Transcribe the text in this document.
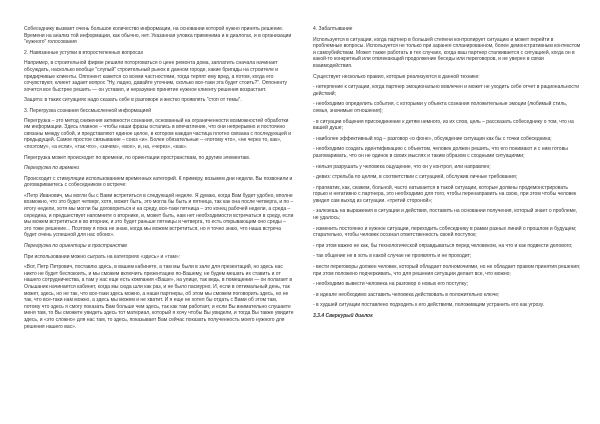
Собеседнику вызвает очень большое количество информации, на основании которой нужно принять решение. Времени на анализ той информации, как обычно, нет. Указанная уловка применима и в диалогах, и в организации "нужного" голосования

2. Навязанные уступки в второстепенных вопросах

Например, в строительной фирме решили поторговаться о цене ремонта дома, заплатить сначала начинает обсуждать, насколько вообще "слупый" строительный рынок в данном городе, какие бригады на строителе и придирчивые клиенты. Оппонент кажется со всеми частностями, тогда терпят ему вред, а потом, когда его сочувствуют, клиент задает вопрос "Ну, ладно, давайте уточним, сколько все-таки эта будет стоить?". Оппоненту хочется все быстрее решить — он уставил, и неразумно принятие нужное клиенту решения возрастает.

Защита: в таких ситуациях надо сказать себе в разговоре и жестко проявлять "стоп от темы".

3. Перегрузка сознания бессмысленной информацией

Перегрузка – это метод снижения активности сознания, основанный на ограниченности возможностей обработки им информации. Здесь главное – чтобы наши фразы остались в впечатление, что они непрерывно и постоянно связаны между собой, и представляют единое целое, в котором каждая частица плотно связана с последующей и предыдущей. Самое простое связывание – союз «и». Более обязательные – «потому что», «не через то, как», «поэтому», «а если», «так что», «зачем», «все», и, на, «через», «как».

Перегрузка может происходит по времени, по ориентации пространствам, по другим элементам.

Перегрузка по времени

Происходит с стимуляции использованием временных категорий. К примеру, возьмем дни недели. Вы позвонили и договариваетесь с собеседником о встрече:

«Петр Иванович, мы могли бы с Вами встретиться в следующей неделе. Я думаю, когда Вам будет удобно, вполне возможно, что это будет четверг, хотя, может быть, это могла бы быть и пятница, так как она после четверга, и по – итогу недели, хотя мы могли бы договориться и на среду, все-таки пятница – это конец рабочей недели, а среда – середина, и предшествует напомните о вторнике, и, может быть, нам нет необходимости встречаться в среду, если мы можем встретиться в во вторник, и это будет раньше пятницы и четверга, то есть открывающим оно среды – это тоже решение... Поэтому я пока не знаю, когда мы можем встретиться, но я точно знаю, что наша встреча будет очень успешной для нас обоих».

Перегрузка по ориентиры в пространстве

При использовании можно сыграть на категориях «здесь» и «там»:

«Вот, Петр Петрович, поставлю здесь, в вашем кабинете, а там мы были в зале для презентаций, но здесь нас никто не будет беспокоить, и мы сможем включить презентацию по-Вашему, не будем мешать их ставить и от нашего сотрудничества, а там у нас еще есть компания «Ваше», на улице, так ведь, в помещении — он полагает в Ольшаник начинается кабинет, когда мы сюда шли как раз, и не было пасмурно. И, если в оптимальный день, так может, здесь, но не так, что все-таки здесь можно, а наши партнеры, об этом мы сможем поговорить здесь, но не так, что все-таки нам можно, а здесь мы можем и не хватит. И я еще не хотел бы отдать с Вами об этом там, потому что здесь я смогу показать Вам больше чем здесь, так как там работает, и если Вы внимательно слушаете меня там, то Вы сможете увидеть здесь тот материал, который я хочу чтобы Вы увидели, и тогда Вы также увидите здесь, и «это сложно» для нас там, то здесь, показывает Вам сейчас показать полученность моего нужного для решения нашего вас».

4. Забалтывание

Используется в ситуации, когда партнер в большей степени контролирует ситуацию и может перейти в проблемные вопросы. Используется не только при заранее спланированном, более демонстративным контекстом и самоубийствам. Может также работать в тех случаях, когда ваш партнер сталкивается с ситуацией, когда он в какой-то конкретный или отвлекающий продолжение беседы или переговоров, и не уверен в связи взаимодействия.

Существует несколько правил, которые реализуются в данной технике:

- нетерпение к ситуации, когда партнер эмоционально вовлечен и может не уходить себе отчет в рациональности действий;

- необходимо определить события, с которыми у объекта сознания положительные эмоции (любимый стиль, семья, значимые отношения);

- в ситуации общения присоединение к детям немного, из их слов, цель – рассказать собеседнику о том, что на вашей душе;

- наиболее эффективный ход – разговор «о фоне», обсуждение ситуации как бы с точки собеседника;

- необходимо создать идентификацию с объектом, человек должен решить, что его понимают и с ним готовы разговаривать, что он не одинок в своих мыслях и таким образом с сходными ситуациями;

- нельзя разрушать у человека ощущение, что он у контрол, или направлен;

- девиз: стрельба по целям, в соответствии с ситуацией, обслужив личные требования;

- прагматик, как, скажем, больной, часто натыкается в такой ситуации, которые должны продемонстрировать горько и негативно с партнера, это необходимо для того, чтобы перенаправить на свою, при этом чтобы человек увидел сам выход из ситуации. «третий стороной»;

- залезешь на выражения в ситуации и действия, поставить на основании получения, который знает о проблеме, не удалось;

- изменить постоянно и нужное ситуации, переходить собеседнику в рамки разных линий о прошлом и будущем; старательно, чтобы человек осознал ответственность своей поступок;

- при этом важно не как, бы технологической оправдываться перед человеком, на что и как подвести делового;

- так общение не в хоть в какой случае не проявлять и не проходит;

- вести переговоры должен человек, который обладает полномочиями, но не обладает правом принятия решения; при этом положено подчеркивать, что для решения ситуации делает все, что можно;

- необходимо вывести человека на разговор о новых его поступку;

- в идеале необходимо заставить человека действовать в положительно ключе;

- в худшей ситуации поставлено подходить к его действиям, положивщим устранить его как угрозу.

3.3.4 Сверкурый диалог
